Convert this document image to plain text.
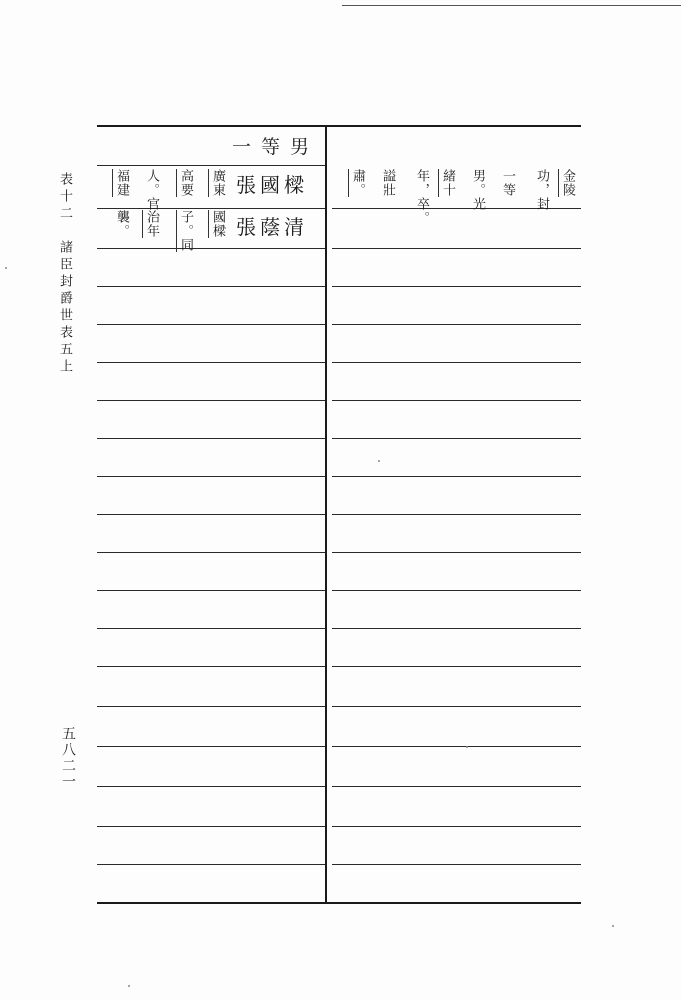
表十二　諸臣封爵世表五上
五八二一
一等男
張國樑
廣東
高要
人。官
福建	金陵
功，封
一等
男。光
緒十
年，卒。
謚壯
肅。
張蔭清
國樑
子。同
治年
襲。
